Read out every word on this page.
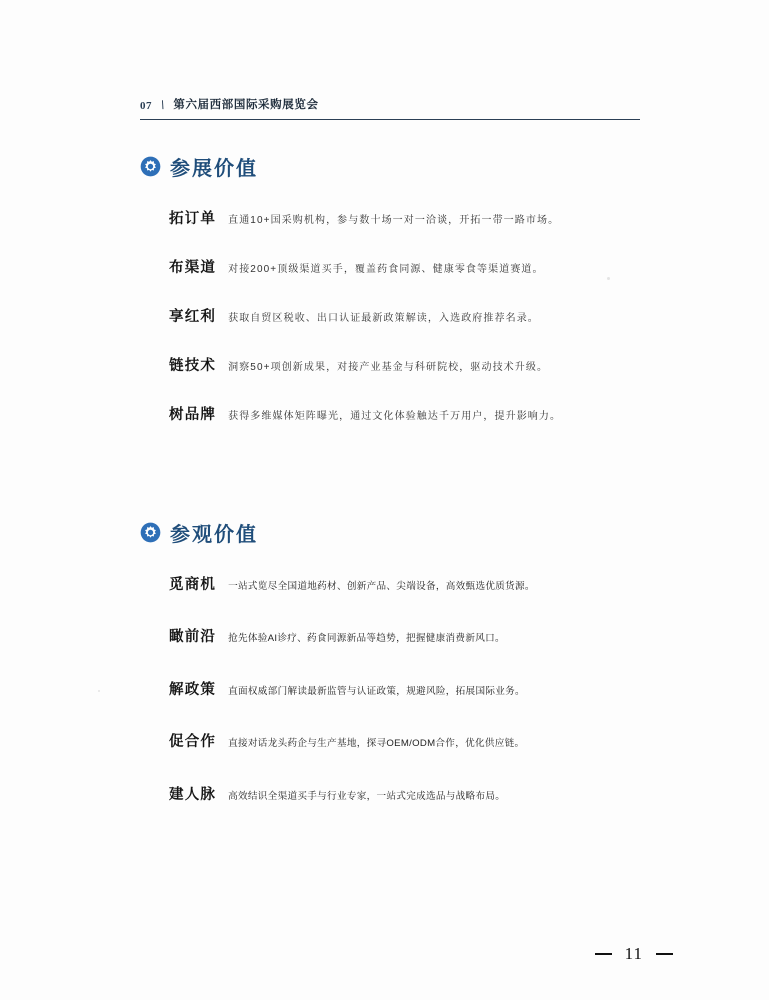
07 \ 第六届西部国际采购展览会
参展价值
拓订单 直通10+国采购机构，参与数十场一对一洽谈，开拓一带一路市场。
布渠道 对接200+顶级渠道买手，覆盖药食同源、健康零食等渠道赛道。
享红利 获取自贸区税收、出口认证最新政策解读，入选政府推荐名录。
链技术 洞察50+项创新成果，对接产业基金与科研院校，驱动技术升级。
树品牌 获得多维媒体矩阵曝光，通过文化体验触达千万用户，提升影响力。
参观价值
觅商机 一站式览尽全国道地药材、创新产品、尖端设备，高效甄选优质货源。
瞰前沿 抢先体验AI诊疗、药食同源新品等趋势，把握健康消费新风口。
解政策 直面权威部门解读最新监管与认证政策，规避风险，拓展国际业务。
促合作 直接对话龙头药企与生产基地，探寻OEM/ODM合作，优化供应链。
建人脉 高效结识全渠道买手与行业专家，一站式完成选品与战略布局。
11
